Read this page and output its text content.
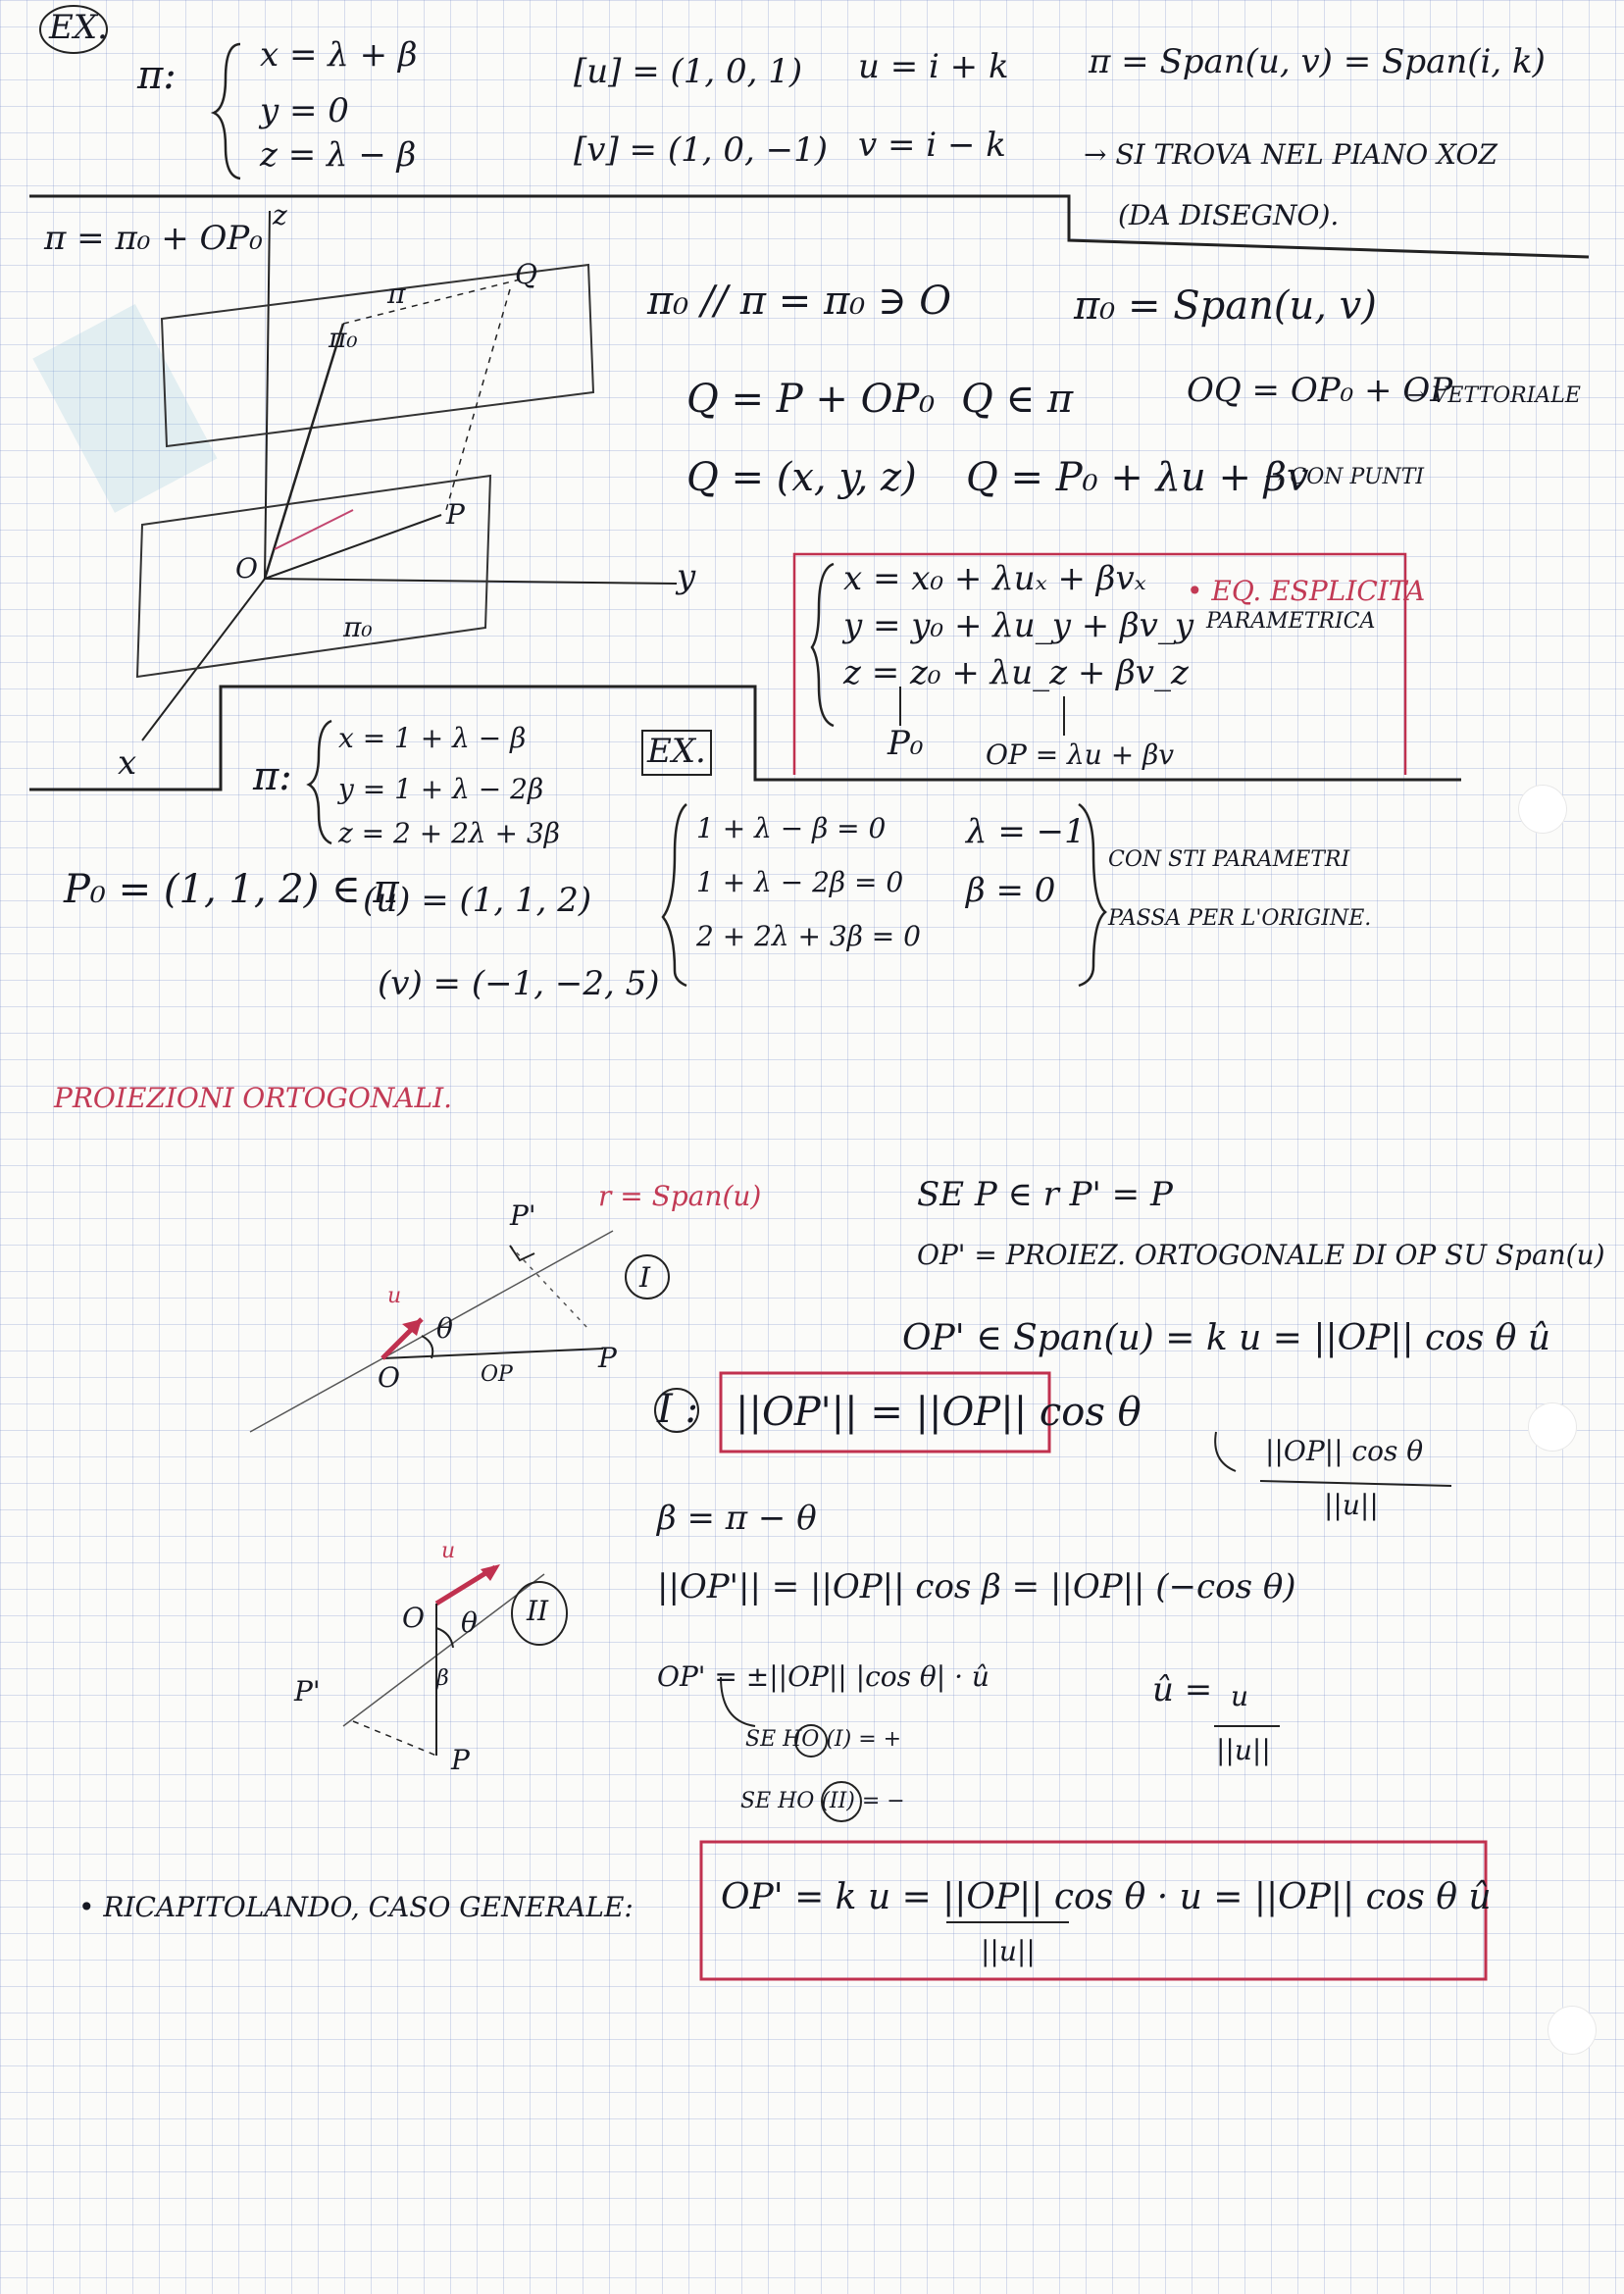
█
EX.
π:	x = λ + β
y = 0
z = λ − β
[u] = (1, 0, 1) u = i + k
[v] = (1, 0, −1) v = i − k
π = Span(u, v) = Span(i, k)
→ SI TROVA NEL PIANO XOZ
(DA DISEGNO).
π = π₀ + OP₀
z
π
π₀
Q
P
O
π₀
y
x
π₀ // π = π₀ ∋ O	π₀ = Span(u, v)
Q = P + OP₀ Q ∈ π	OQ = OP₀ + OP
→ VETTORIALE
Q = (x, y, z) Q = P₀ + λu + βv
→ CON PUNTI
x = x₀ + λuₓ + βvₓ
y = y₀ + λu_y + βv_y
z = z₀ + λu_z + βv_z
• EQ. ESPLICITA
PARAMETRICA
P₀ OP = λu + βv
EX.
π:
x = 1 + λ − β
y = 1 + λ − 2β
z = 2 + 2λ + 3β
P₀ = (1, 1, 2) ∈ π
(u) = (1, 1, 2)
(v) = (−1, −2, 5)
1 + λ − β = 0
1 + λ − 2β = 0
2 + 2λ + 3β = 0
λ = −1
β = 0
CON STI PARAMETRI
PASSA PER L'ORIGINE.
PROIEZIONI ORTOGONALI.
r = Span(u)
P'
I
u
θ
O	OP
P
SE P ∈ r P' = P
OP' = PROIEZ. ORTOGONALE DI OP SU Span(u)
OP' ∈ Span(u) = k u = ||OP|| cos θ û
||OP|| cos θ
||u||
I : ||OP'|| = ||OP|| cos θ
β = π − θ
||OP'|| = ||OP|| cos β = ||OP|| (−cos θ)
OP' = ±||OP|| |cos θ| · û	û = u
||u||
SE HO (I) = +
SE HO (II) = −
II
u
O θ
β
P'
P
• RICAPITOLANDO, CASO GENERALE: OP' = k u = ||OP|| cos θ · u = ||OP|| cos θ û
||u||
